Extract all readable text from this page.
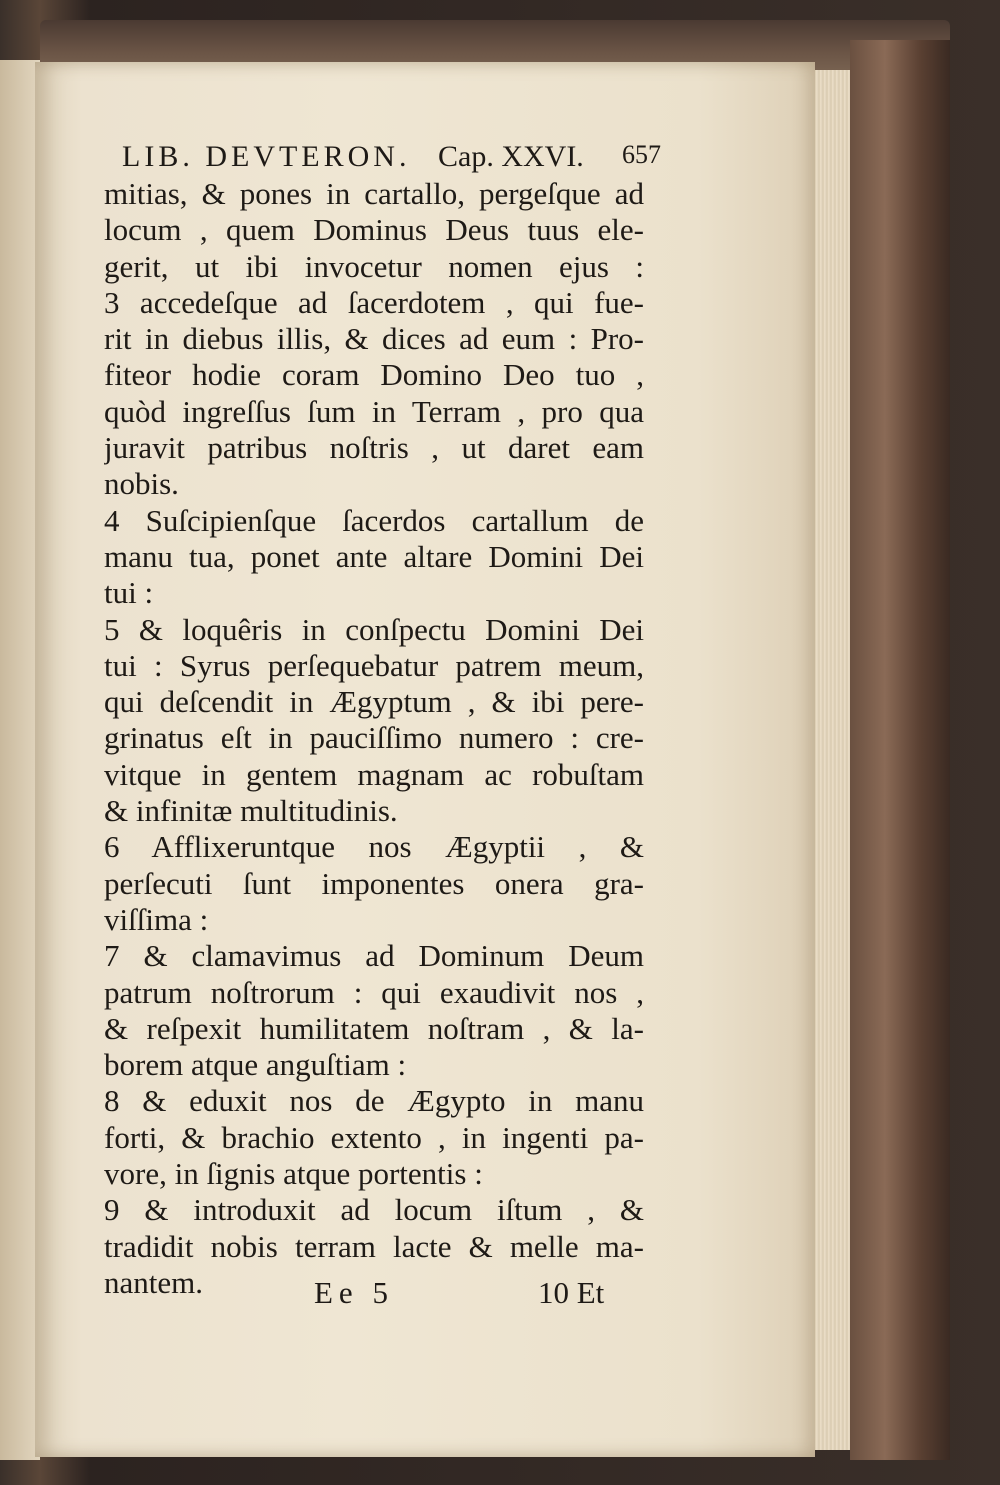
LIB. DEVTERON. Cap. XXVI. 657
mitias, & pones in cartallo, pergeſque ad
locum , quem Dominus Deus tuus ele-
gerit, ut ibi invocetur nomen ejus :
3 accedeſque ad ſacerdotem , qui fue-
rit in diebus illis, & dices ad eum : Pro-
fiteor hodie coram Domino Deo tuo ,
quòd ingreſſus ſum in Terram , pro qua
juravit patribus noſtris , ut daret eam
nobis.
4 Suſcipienſque ſacerdos cartallum de
manu tua, ponet ante altare Domini Dei
tui :
5 & loquêris in conſpectu Domini Dei
tui : Syrus perſequebatur patrem meum,
qui deſcendit in Ægyptum , & ibi pere-
grinatus eſt in pauciſſimo numero : cre-
vitque in gentem magnam ac robuſtam
& infinitæ multitudinis.
6 Afflixeruntque nos Ægyptii , &
perſecuti ſunt imponentes onera gra-
viſſima :
7 & clamavimus ad Dominum Deum
patrum noſtrorum : qui exaudivit nos ,
& reſpexit humilitatem noſtram , & la-
borem atque anguſtiam :
8 & eduxit nos de Ægypto in manu
forti, & brachio extento , in ingenti pa-
vore, in ſignis atque portentis :
9 & introduxit ad locum iſtum , &
tradidit nobis terram lacte & melle ma-
nantem.	Ee 5	10 Et
